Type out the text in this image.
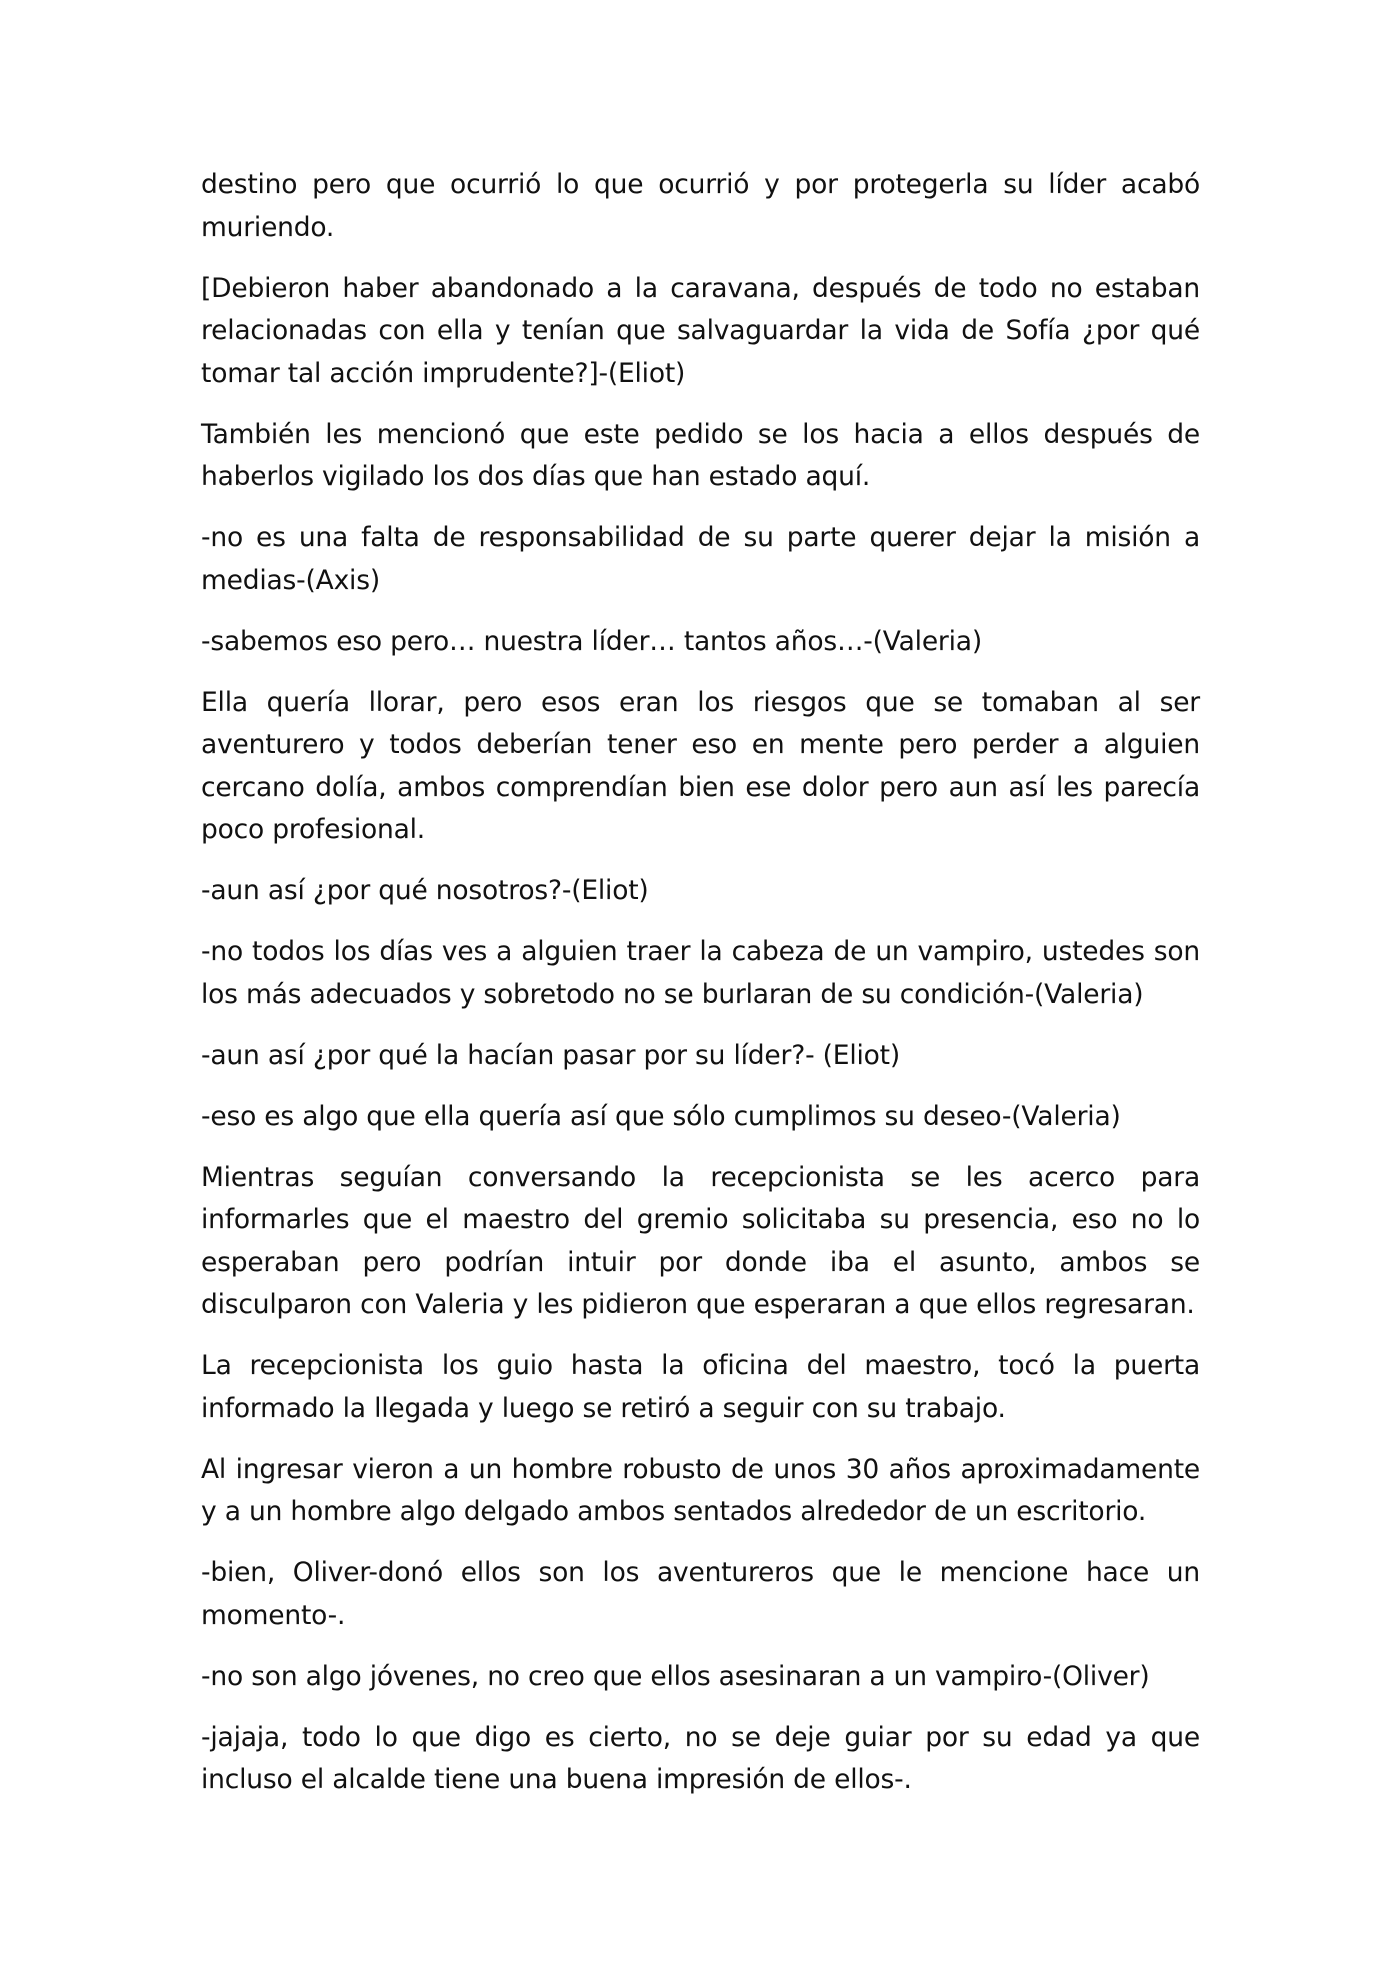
destino pero que ocurrió lo que ocurrió y por protegerla su líder acabó muriendo.

[Debieron haber abandonado a la caravana, después de todo no estaban relacionadas con ella y tenían que salvaguardar la vida de Sofía ¿por qué tomar tal acción imprudente?]-(Eliot)

También les mencionó que este pedido se los hacia a ellos después de haberlos vigilado los dos días que han estado aquí.

-no es una falta de responsabilidad de su parte querer dejar la misión a medias-(Axis)

-sabemos eso pero… nuestra líder… tantos años…-(Valeria)

Ella quería llorar, pero esos eran los riesgos que se tomaban al ser aventurero y todos deberían tener eso en mente pero perder a alguien cercano dolía, ambos comprendían bien ese dolor pero aun así les parecía poco profesional.

-aun así ¿por qué nosotros?-(Eliot)

-no todos los días ves a alguien traer la cabeza de un vampiro, ustedes son los más adecuados y sobretodo no se burlaran de su condición-(Valeria)

-aun así ¿por qué la hacían pasar por su líder?- (Eliot)

-eso es algo que ella quería así que sólo cumplimos su deseo-(Valeria)

Mientras seguían conversando la recepcionista se les acerco para informarles que el maestro del gremio solicitaba su presencia, eso no lo esperaban pero podrían intuir por donde iba el asunto, ambos se disculparon con Valeria y les pidieron que esperaran a que ellos regresaran.

La recepcionista los guio hasta la oficina del maestro, tocó la puerta informado la llegada y luego se retiró a seguir con su trabajo.

Al ingresar vieron a un hombre robusto de unos 30 años aproximadamente y a un hombre algo delgado ambos sentados alrededor de un escritorio.

-bien, Oliver-donó ellos son los aventureros que le mencione hace un momento-.

-no son algo jóvenes, no creo que ellos asesinaran a un vampiro-(Oliver)

-jajaja, todo lo que digo es cierto, no se deje guiar por su edad ya que incluso el alcalde tiene una buena impresión de ellos-.
